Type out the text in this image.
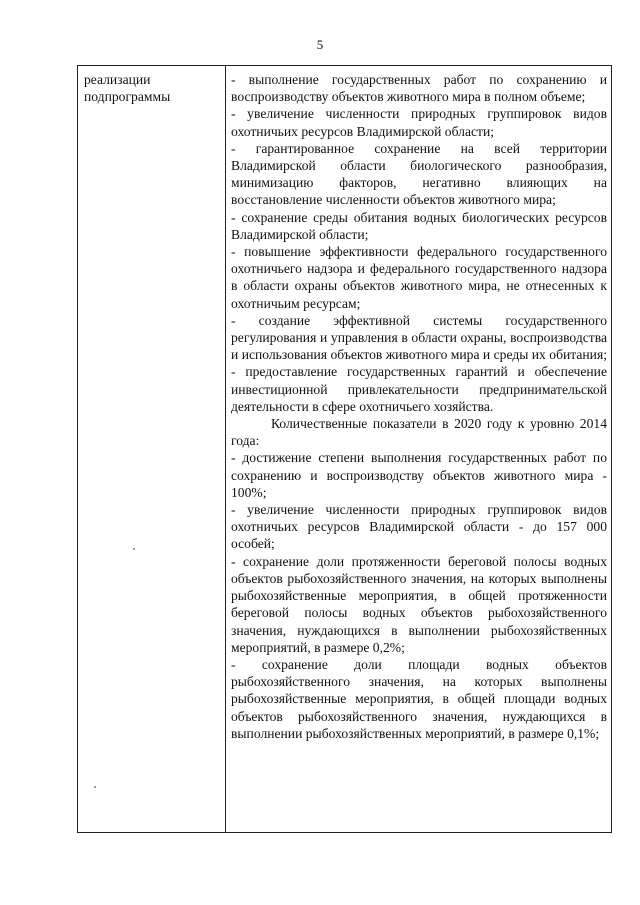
5
реализации подпрограммы

- выполнение государственных работ по сохранению и воспроизводству объектов животного мира в полном объеме;

- увеличение численности природных группировок видов охотничьих ресурсов Владимирской области;

- гарантированное сохранение на всей территории Владимирской области биологического разнообразия, минимизацию факторов, негативно влияющих на восстановление численности объектов животного мира;

- сохранение среды обитания водных биологических ресурсов Владимирской области;

- повышение эффективности федерального государственного охотничьего надзора и федерального государственного надзора в области охраны объектов животного мира, не отнесенных к охотничьим ресурсам;

- создание эффективной системы государственного регулирования и управления в области охраны, воспроизводства и использования объектов животного мира и среды их обитания; - предоставление государственных гарантий и обеспечение инвестиционной привлекательности предпринимательской деятельности в сфере охотничьего хозяйства.

Количественные показатели в 2020 году к уровню 2014 года:

- достижение степени выполнения государственных работ по сохранению и воспроизводству объектов животного мира - 100%;

- увеличение численности природных группировок видов охотничьих ресурсов Владимирской области - до 157 000 особей;

- сохранение доли протяженности береговой полосы водных объектов рыбохозяйственного значения, на которых выполнены рыбохозяйственные мероприятия, в общей протяженности береговой полосы водных объектов рыбохозяйственного значения, нуждающихся в выполнении рыбохозяйственных мероприятий, в размере 0,2%;

- сохранение доли площади водных объектов рыбохозяйственного значения, на которых выполнены рыбохозяйственные мероприятия, в общей площади водных объектов рыбохозяйственного значения, нуждающихся в выполнении рыбохозяйственных мероприятий, в размере 0,1%;
